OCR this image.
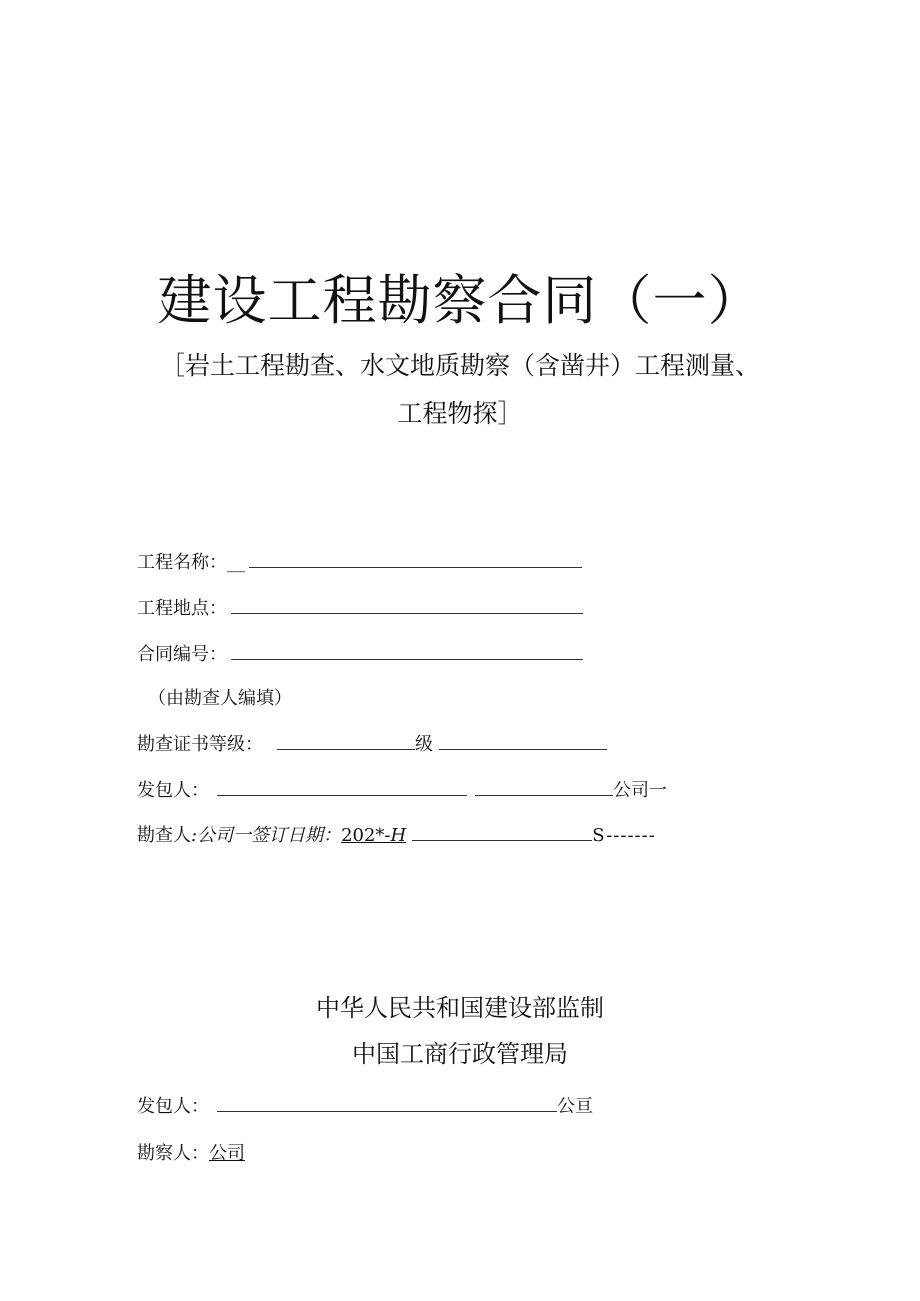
建设工程勘察合同（一）
［岩土工程勘查、水文地质勘察（含凿井）工程测量、
工程物探］
工程名称：__
工程地点：
合同编号：
（由勘查人编填）
勘查证书等级：	级
发包人：	公司一
勘查人:公司一签订日期：202*-H	S-------
中华人民共和国建设部监制
中国工商行政管理局
发包人：	公亘
勘察人：公司
